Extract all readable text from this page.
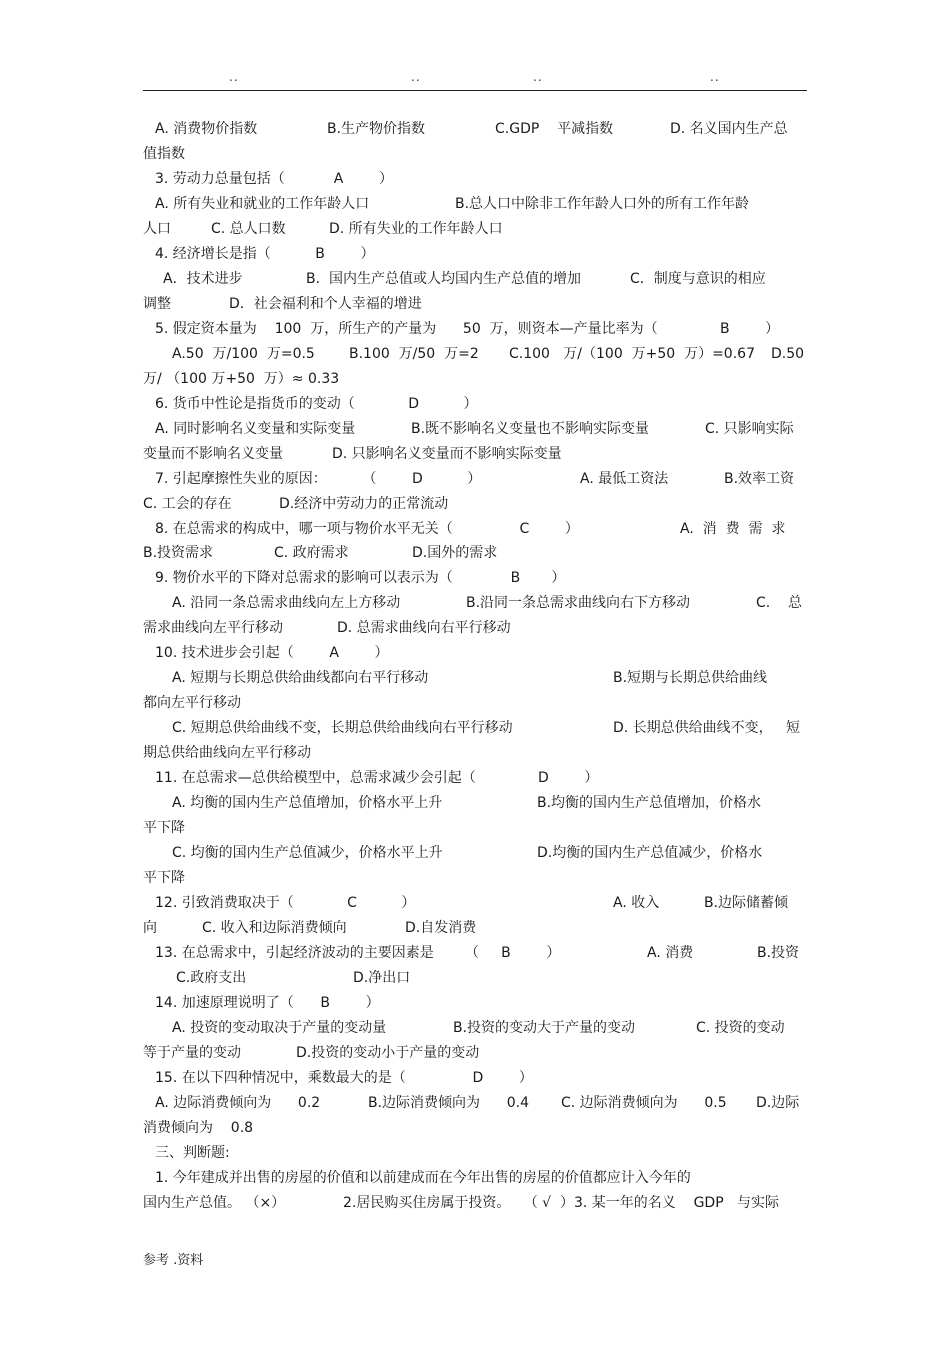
..	..	..	..
A. 消费物价指数	B.生产物价指数	C.GDP    平减指数	D. 名义国内生产总
值指数
3. 劳动力总量包括（           A        ）
A. 所有失业和就业的工作年龄人口	B.总人口中除非工作年龄人口外的所有工作年龄
人口	C. 总人口数	D. 所有失业的工作年龄人口
4. 经济增长是指（          B        ）
A．技术进步	B.  国内生产总值或人均国内生产总值的增加	C．制度与意识的相应
调整	D．社会福利和个人幸福的增进
5. 假定资本量为    100  万，所生产的产量为      50  万，则资本—产量比率为（              B        ）
A.50  万/100  万=0.5 B.100  万/50  万=2 C.100   万/（100  万+50  万）=0.67 D.50
万/ （100 万+50  万）≈ 0.33
6. 货币中性论是指货币的变动（            D          ）
A. 同时影响名义变量和实际变量	B.既不影响名义变量也不影响实际变量	C. 只影响实际
变量而不影响名义变量	D. 只影响名义变量而不影响实际变量
7. 引起摩擦性失业的原因：        （        D          ）	A. 最低工资法	B.效率工资
C. 工会的存在	D.经济中劳动力的正常流动
8. 在总需求的构成中，哪一项与物价水平无关（               C        ）	A.  消  费  需  求
B.投资需求	C. 政府需求	D.国外的需求
9. 物价水平的下降对总需求的影响可以表示为（             B       ）
A. 沿同一条总需求曲线向左上方移动	B.沿同一条总需求曲线向右下方移动	C.    总
需求曲线向左平行移动	D. 总需求曲线向右平行移动
10. 技术进步会引起（        A        ）
A. 短期与长期总供给曲线都向右平行移动	B.短期与长期总供给曲线
都向左平行移动
C. 短期总供给曲线不变，长期总供给曲线向右平行移动	D. 长期总供给曲线不变，   短
期总供给曲线向左平行移动
11. 在总需求—总供给模型中，总需求减少会引起（              D        ）
A. 均衡的国内生产总值增加，价格水平上升	B.均衡的国内生产总值增加，价格水
平下降
C. 均衡的国内生产总值减少，价格水平上升	D.均衡的国内生产总值减少，价格水
平下降
12. 引致消费取决于（            C          ）	A. 收入	B.边际储蓄倾
向	C. 收入和边际消费倾向	D.自发消费
13. 在总需求中，引起经济波动的主要因素是       （     B        ）	A. 消费	B.投资
C.政府支出	D.净出口
14. 加速原理说明了（      B        ）
A. 投资的变动取决于产量的变动量	B.投资的变动大于产量的变动	C. 投资的变动
等于产量的变动	D.投资的变动小于产量的变动
15. 在以下四种情况中，乘数最大的是（               D        ）
A. 边际消费倾向为      0.2	B.边际消费倾向为      0.4 C. 边际消费倾向为      0.5 D.边际
消费倾向为    0.8
三、判断题:
1. 今年建成并出售的房屋的价值和以前建成而在今年出售的房屋的价值都应计入今年的
国内生产总值。 （×）	2.居民购买住房属于投资。   （ √  ）3. 某一年的名义    GDP   与实际
参考 .资料
